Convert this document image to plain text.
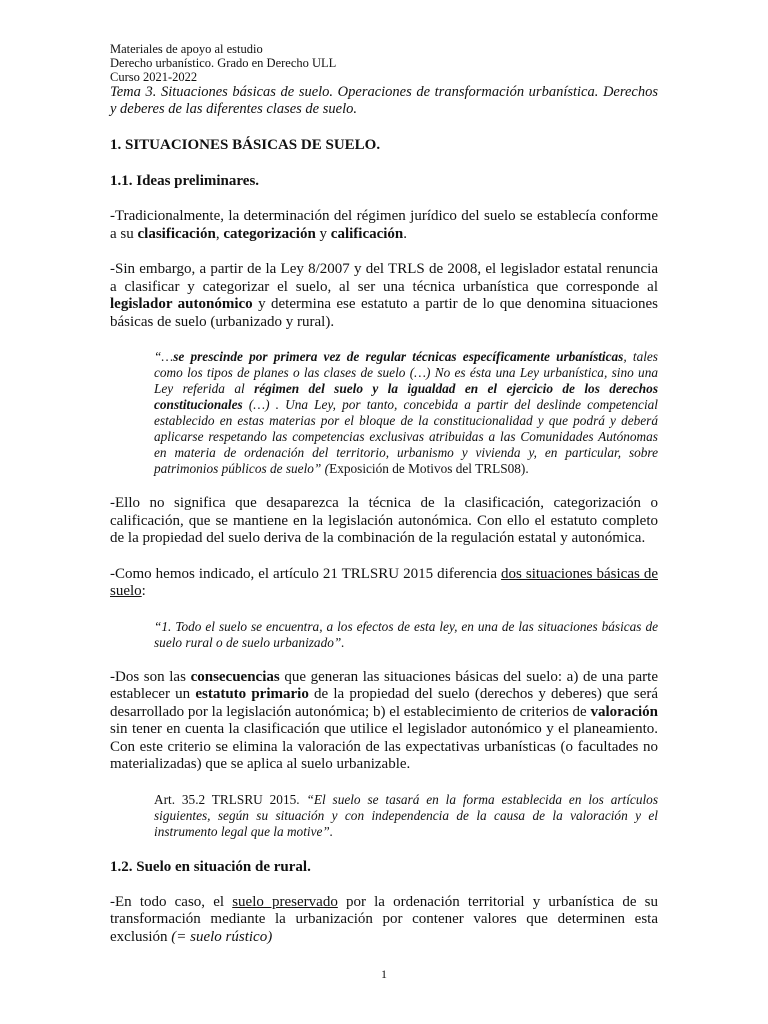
Materiales de apoyo al estudio
Derecho urbanístico. Grado en Derecho ULL
Curso 2021-2022
Tema 3. Situaciones básicas de suelo. Operaciones de transformación urbanística. Derechos y deberes de las diferentes clases de suelo.
1. SITUACIONES BÁSICAS DE SUELO.
1.1. Ideas preliminares.

-Tradicionalmente, la determinación del régimen jurídico del suelo se establecía conforme a su clasificación, categorización y calificación.

-Sin embargo, a partir de la Ley 8/2007 y del TRLS de 2008, el legislador estatal renuncia a clasificar y categorizar el suelo, al ser una técnica urbanística que corresponde al legislador autonómico y determina ese estatuto a partir de lo que denomina situaciones básicas de suelo (urbanizado y rural).

“…se prescinde por primera vez de regular técnicas específicamente urbanísticas, tales como los tipos de planes o las clases de suelo (…) No es ésta una Ley urbanística, sino una Ley referida al régimen del suelo y la igualdad en el ejercicio de los derechos constitucionales (…) . Una Ley, por tanto, concebida a partir del deslinde competencial establecido en estas materias por el bloque de la constitucionalidad y que podrá y deberá aplicarse respetando las competencias exclusivas atribuidas a las Comunidades Autónomas en materia de ordenación del territorio, urbanismo y vivienda y, en particular, sobre patrimonios públicos de suelo” (Exposición de Motivos del TRLS08).

-Ello no significa que desaparezca la técnica de la clasificación, categorización o calificación, que se mantiene en la legislación autonómica. Con ello el estatuto completo de la propiedad del suelo deriva de la combinación de la regulación estatal y autonómica.

-Como hemos indicado, el artículo 21 TRLSRU 2015 diferencia dos situaciones básicas de suelo:

“1. Todo el suelo se encuentra, a los efectos de esta ley, en una de las situaciones básicas de suelo rural o de suelo urbanizado”.

-Dos son las consecuencias que generan las situaciones básicas del suelo: a) de una parte establecer un estatuto primario de la propiedad del suelo (derechos y deberes) que será desarrollado por la legislación autonómica; b) el establecimiento de criterios de valoración sin tener en cuenta la clasificación que utilice el legislador autonómico y el planeamiento. Con este criterio se elimina la valoración de las expectativas urbanísticas (o facultades no materializadas) que se aplica al suelo urbanizable.

Art. 35.2 TRLSRU 2015. “El suelo se tasará en la forma establecida en los artículos siguientes, según su situación y con independencia de la causa de la valoración y el instrumento legal que la motive”.
1.2. Suelo en situación de rural.

-En todo caso, el suelo preservado por la ordenación territorial y urbanística de su transformación mediante la urbanización por contener valores que determinen esta exclusión (= suelo rústico)

1
